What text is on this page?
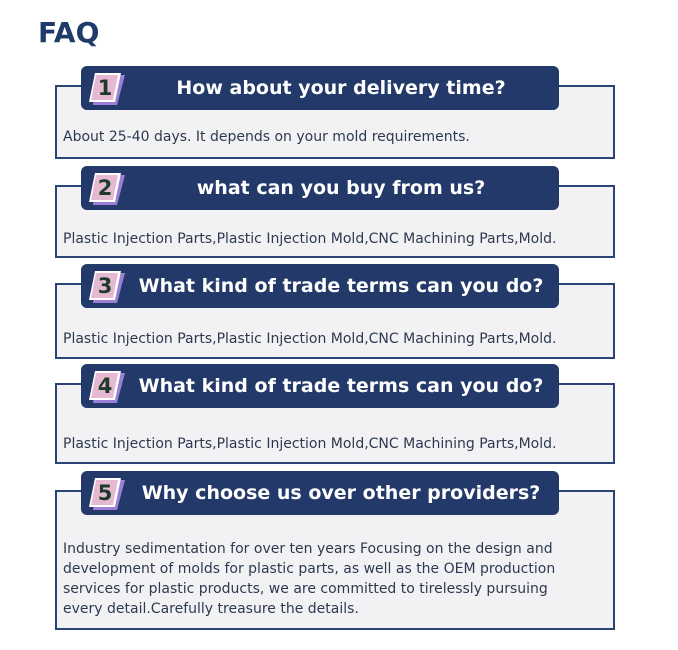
FAQ
About 25-40 days. It depends on your mold requirements.
1	How about your delivery time?
Plastic Injection Parts,Plastic Injection Mold,CNC Machining Parts,Mold.
2	what can you buy from us?
Plastic Injection Parts,Plastic Injection Mold,CNC Machining Parts,Mold.
3	What kind of trade terms can you do?
Plastic Injection Parts,Plastic Injection Mold,CNC Machining Parts,Mold.
4	What kind of trade terms can you do?
Industry sedimentation for over ten years Focusing on the design and development of molds for plastic parts, as well as the OEM production services for plastic products, we are committed to tirelessly pursuing every detail.Carefully treasure the details.
5	Why choose us over other providers?
